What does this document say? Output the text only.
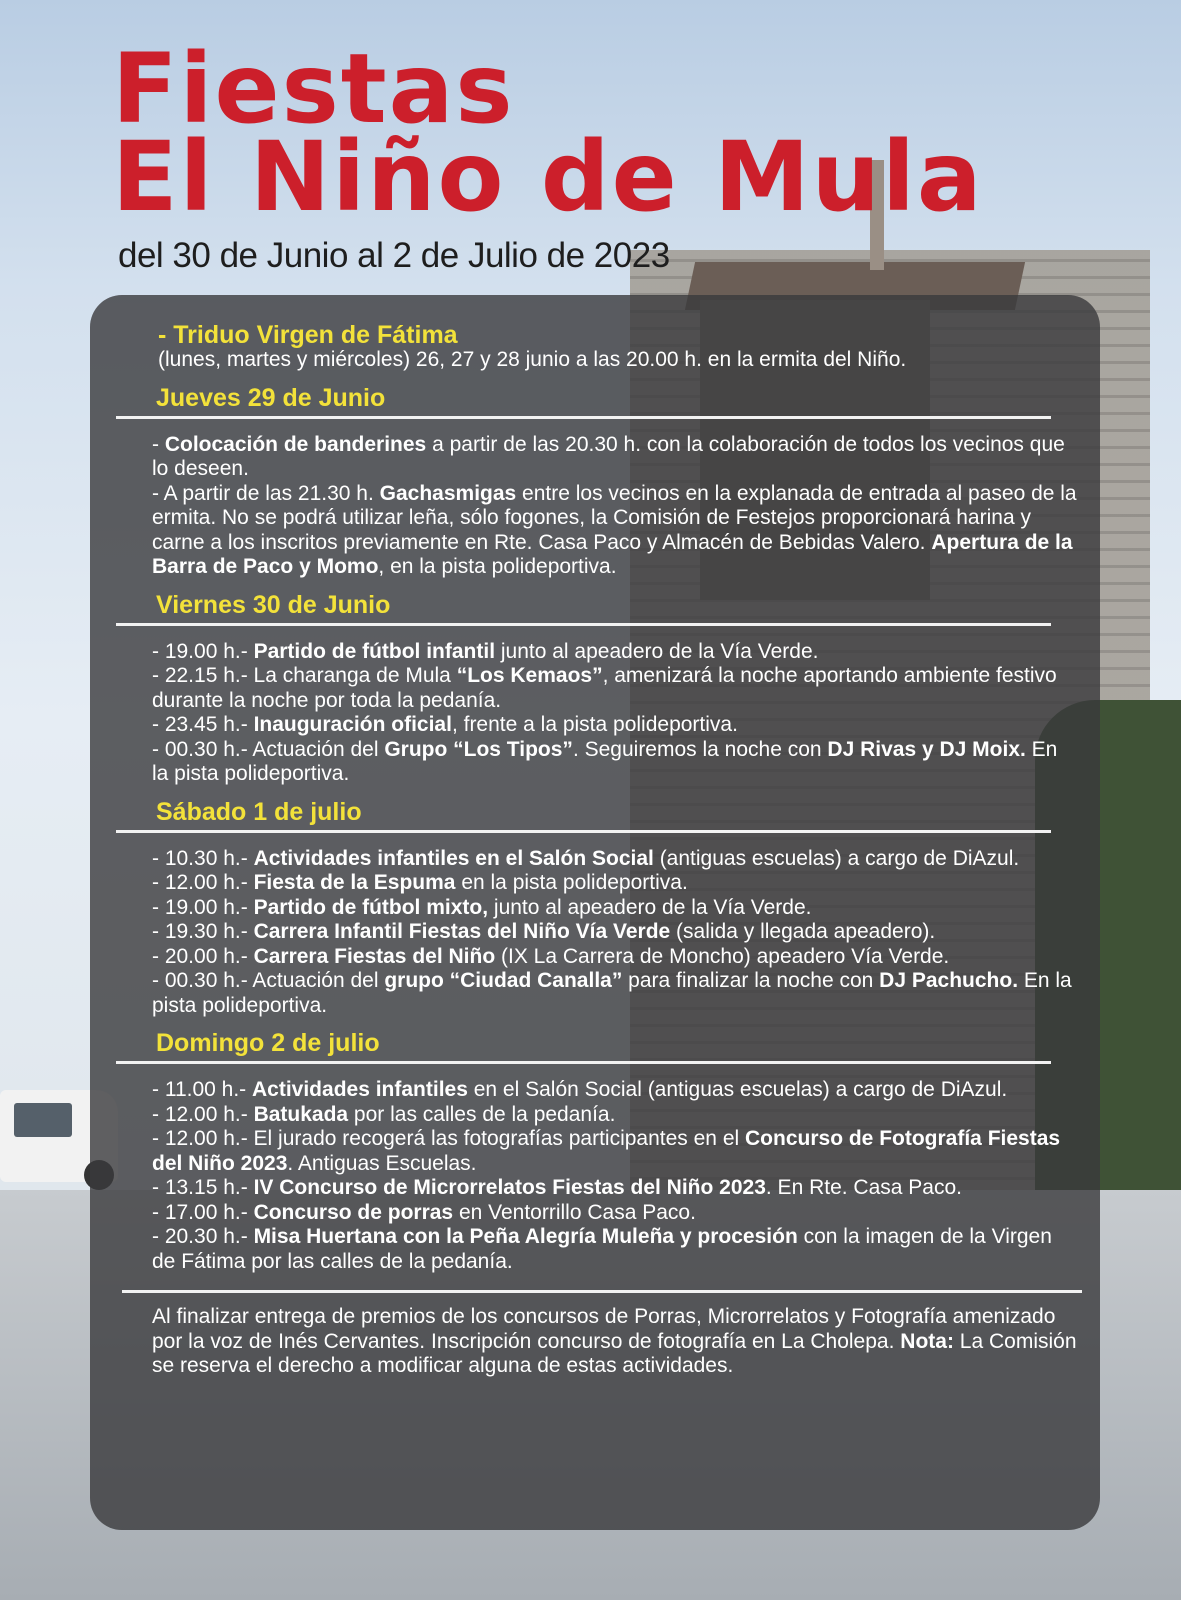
Fiestas
El Niño de Mula
del 30 de Junio al 2 de Julio de 2023
- Triduo Virgen de Fátima
(lunes, martes y miércoles) 26, 27 y 28 junio a las 20.00 h. en la ermita del Niño.
Jueves 29 de Junio
- Colocación de banderines a partir de las 20.30 h. con la colaboración de todos los vecinos que lo deseen.
- A partir de las 21.30 h. Gachasmigas entre los vecinos en la explanada de entrada al paseo de la ermita. No se podrá utilizar leña, sólo fogones, la Comisión de Festejos proporcionará harina y carne a los inscritos previamente en Rte. Casa Paco y Almacén de Bebidas Valero. Apertura de la Barra de Paco y Momo, en la pista polideportiva.
Viernes 30 de Junio
- 19.00 h.- Partido de fútbol infantil junto al apeadero de la Vía Verde.
- 22.15 h.- La charanga de Mula “Los Kemaos”, amenizará la noche aportando ambiente festivo durante la noche por toda la pedanía.
- 23.45 h.- Inauguración oficial, frente a la pista polideportiva.
- 00.30 h.- Actuación del Grupo “Los Tipos”. Seguiremos la noche con DJ Rivas y DJ Moix. En la pista polideportiva.
Sábado 1 de julio
- 10.30 h.- Actividades infantiles en el Salón Social (antiguas escuelas) a cargo de DiAzul.
- 12.00 h.- Fiesta de la Espuma en la pista polideportiva.
- 19.00 h.- Partido de fútbol mixto, junto al apeadero de la Vía Verde.
- 19.30 h.- Carrera Infantil Fiestas del Niño Vía Verde (salida y llegada apeadero).
- 20.00 h.- Carrera Fiestas del Niño (IX La Carrera de Moncho) apeadero Vía Verde.
- 00.30 h.- Actuación del grupo “Ciudad Canalla” para finalizar la noche con DJ Pachucho. En la pista polideportiva.
Domingo 2 de julio
- 11.00 h.- Actividades infantiles en el Salón Social (antiguas escuelas) a cargo de DiAzul.
- 12.00 h.- Batukada por las calles de la pedanía.
- 12.00 h.- El jurado recogerá las fotografías participantes en el Concurso de Fotografía Fiestas del Niño 2023. Antiguas Escuelas.
- 13.15 h.- IV Concurso de Microrrelatos Fiestas del Niño 2023. En Rte. Casa Paco.
- 17.00 h.- Concurso de porras en Ventorrillo Casa Paco.
- 20.30 h.- Misa Huertana con la Peña Alegría Muleña y procesión con la imagen de la Virgen de Fátima por las calles de la pedanía.
Al finalizar entrega de premios de los concursos de Porras, Microrrelatos y Fotografía amenizado por la voz de Inés Cervantes. Inscripción concurso de fotografía en La Cholepa. Nota: La Comisión se reserva el derecho a modificar alguna de estas actividades.
